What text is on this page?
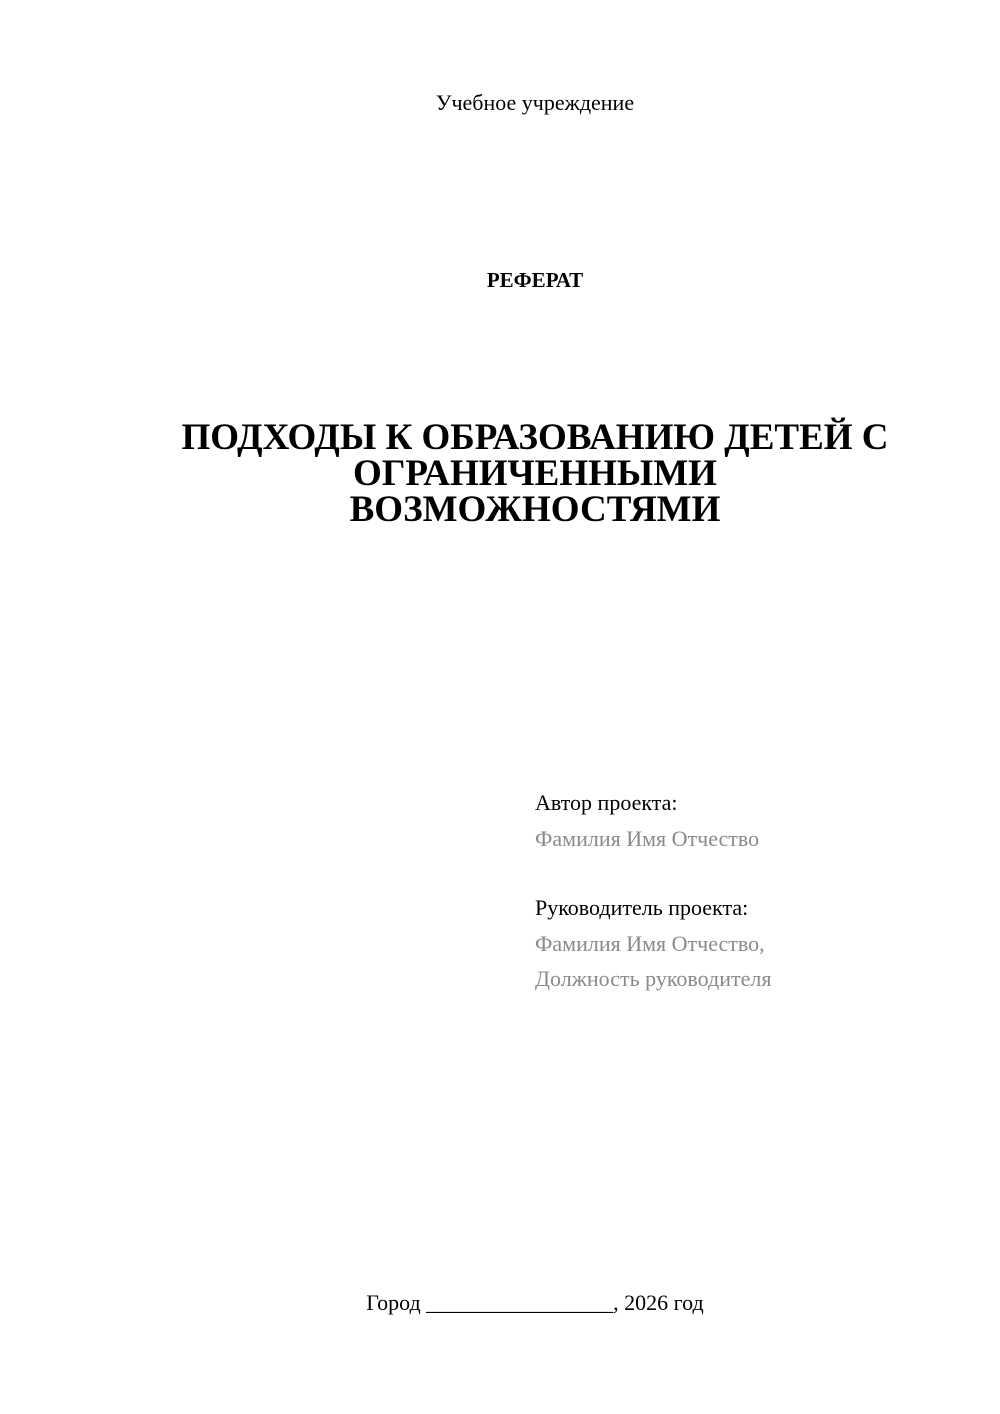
Учебное учреждение
РЕФЕРАТ
ПОДХОДЫ К ОБРАЗОВАНИЮ ДЕТЕЙ С
ОГРАНИЧЕННЫМИ
ВОЗМОЖНОСТЯМИ
Автор проекта:
Фамилия Имя Отчество
Руководитель проекта:
Фамилия Имя Отчество,
Должность руководителя
Город _________________, 2026 год
